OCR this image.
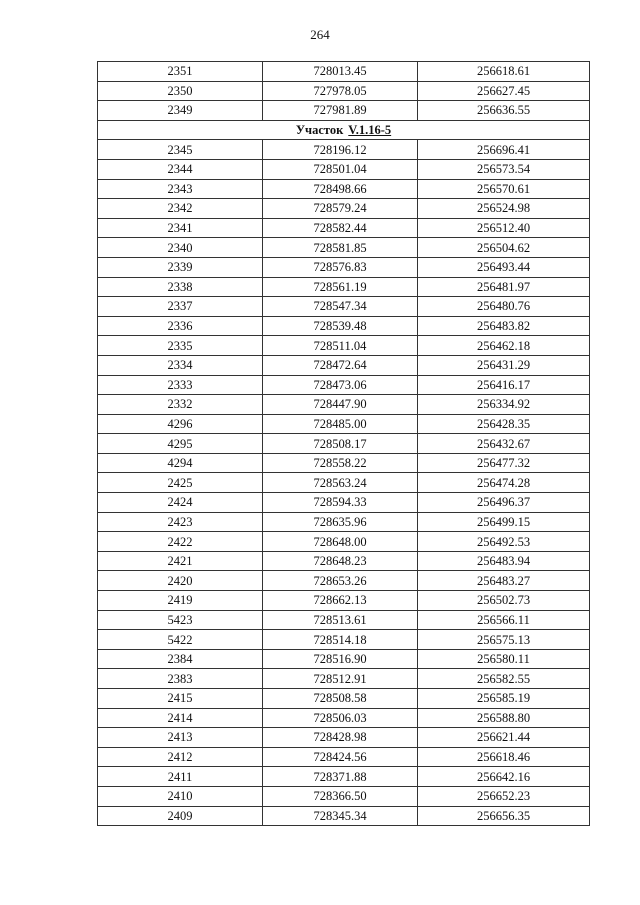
264
2351	728013.45	256618.61
2350	727978.05	256627.45
2349	727981.89	256636.55
Участок V.1.16-5		
2345	728196.12	256696.41
2344	728501.04	256573.54
2343	728498.66	256570.61
2342	728579.24	256524.98
2341	728582.44	256512.40
2340	728581.85	256504.62
2339	728576.83	256493.44
2338	728561.19	256481.97
2337	728547.34	256480.76
2336	728539.48	256483.82
2335	728511.04	256462.18
2334	728472.64	256431.29
2333	728473.06	256416.17
2332	728447.90	256334.92
4296	728485.00	256428.35
4295	728508.17	256432.67
4294	728558.22	256477.32
2425	728563.24	256474.28
2424	728594.33	256496.37
2423	728635.96	256499.15
2422	728648.00	256492.53
2421	728648.23	256483.94
2420	728653.26	256483.27
2419	728662.13	256502.73
5423	728513.61	256566.11
5422	728514.18	256575.13
2384	728516.90	256580.11
2383	728512.91	256582.55
2415	728508.58	256585.19
2414	728506.03	256588.80
2413	728428.98	256621.44
2412	728424.56	256618.46
2411	728371.88	256642.16
2410	728366.50	256652.23
2409	728345.34	256656.35
